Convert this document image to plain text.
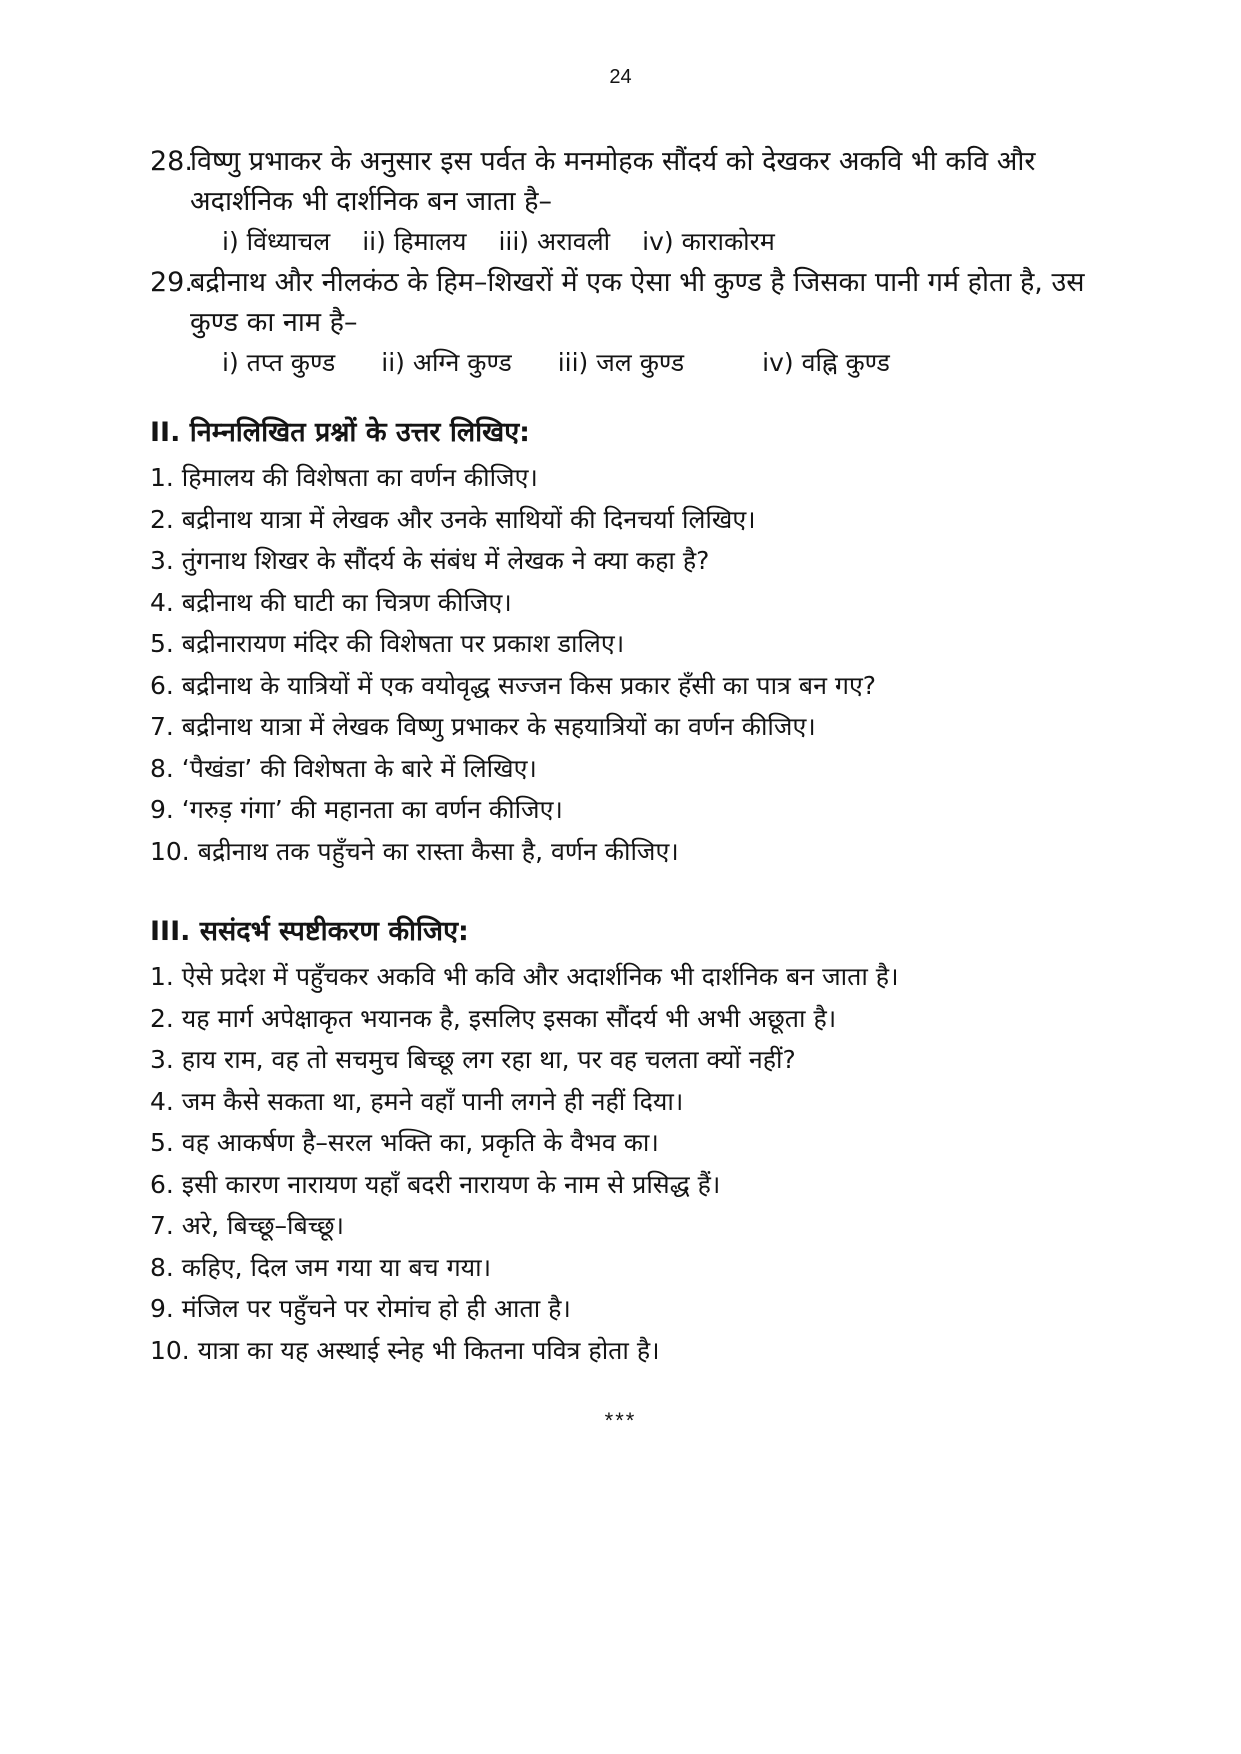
24
28.
विष्णु प्रभाकर के अनुसार इस पर्वत के मनमोहक सौंदर्य को देखकर अकवि भी कवि और अदार्शनिक भी दार्शनिक बन जाता है–
i) विंध्याचल ii) हिमालय iii) अरावली iv) काराकोरम
29.
बद्रीनाथ और नीलकंठ के हिम–शिखरों में एक ऐसा भी कुण्ड है जिसका पानी गर्म होता है, उस कुण्ड का नाम है–
i) तप्त कुण्ड ii) अग्नि कुण्ड iii) जल कुण्ड	iv) वह्नि कुण्ड
II. निम्नलिखित प्रश्नों के उत्तर लिखिए:
1. हिमालय की विशेषता का वर्णन कीजिए।
2. बद्रीनाथ यात्रा में लेखक और उनके साथियों की दिनचर्या लिखिए।
3. तुंगनाथ शिखर के सौंदर्य के संबंध में लेखक ने क्या कहा है?
4. बद्रीनाथ की घाटी का चित्रण कीजिए।
5. बद्रीनारायण मंदिर की विशेषता पर प्रकाश डालिए।
6. बद्रीनाथ के यात्रियों में एक वयोवृद्ध सज्जन किस प्रकार हँसी का पात्र बन गए?
7. बद्रीनाथ यात्रा में लेखक विष्णु प्रभाकर के सहयात्रियों का वर्णन कीजिए।
8. ‘पैखंडा’ की विशेषता के बारे में लिखिए।
9. ‘गरुड़ गंगा’ की महानता का वर्णन कीजिए।
10. बद्रीनाथ तक पहुँचने का रास्ता कैसा है, वर्णन कीजिए।
III. ससंदर्भ स्पष्टीकरण कीजिए:
1. ऐसे प्रदेश में पहुँचकर अकवि भी कवि और अदार्शनिक भी दार्शनिक बन जाता है।
2. यह मार्ग अपेक्षाकृत भयानक है, इसलिए इसका सौंदर्य भी अभी अछूता है।
3. हाय राम, वह तो सचमुच बिच्छू लग रहा था, पर वह चलता क्यों नहीं?
4. जम कैसे सकता था, हमने वहाँ पानी लगने ही नहीं दिया।
5. वह आकर्षण है–सरल भक्ति का, प्रकृति के वैभव का।
6. इसी कारण नारायण यहाँ बदरी नारायण के नाम से प्रसिद्ध हैं।
7. अरे, बिच्छू–बिच्छू।
8. कहिए, दिल जम गया या बच गया।
9. मंजिल पर पहुँचने पर रोमांच हो ही आता है।
10. यात्रा का यह अस्थाई स्नेह भी कितना पवित्र होता है।
***
